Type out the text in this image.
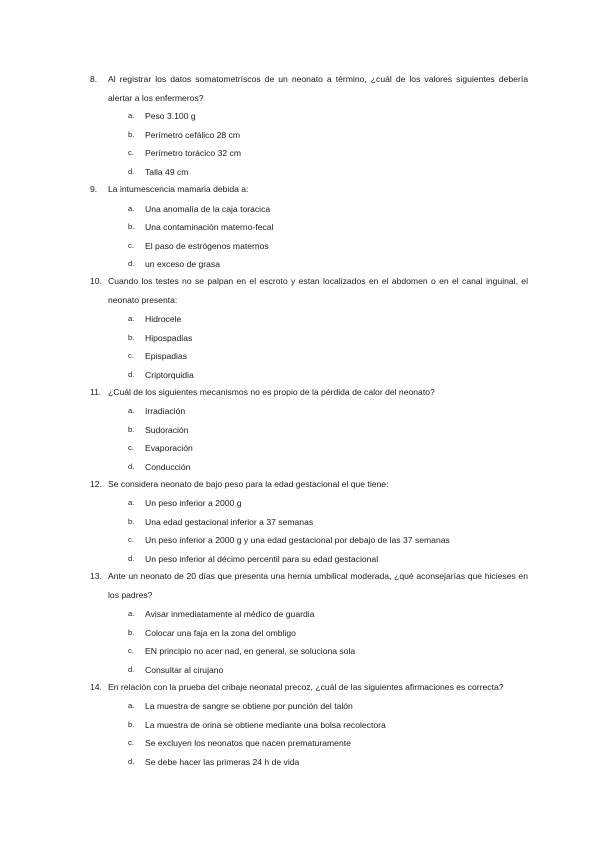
8.	Al registrar los datos somatometríscos de un neonato a término, ¿cuál de los valores siguientes debería alertar a los enfermeros?
a.	Peso 3.100 g
b.	Perímetro cefálico 28 cm
c.	Perímetro torácico 32 cm
d.	Talla 49 cm
9.	La intumescencia mamaria debida a:
a.	Una anomalía de la caja toracica
b.	Una contaminación materno-fecal
c.	El paso de estrógenos maternos
d.	un exceso de grasa
10. Cuando los testes no se palpan en el escroto y estan localizados en el abdomen o en el canal inguinal, el neonato presenta:
a.	Hidrocele
b.	Hipospadias
c.	Epispadias
d.	Criptorquidia
11. ¿Cuál de los siguientes mecanismos no es propio de la pérdida de calor del neonato?
a.	Irradiación
b.	Sudoración
c.	Evaporación
d.	Conducción
12. Se considera neonato de bajo peso para la edad gestacional el que tiene:
a.	Un peso inferior a 2000 g
b.	Una edad gestacional inferior a 37 semanas
c.	Un peso inferior a 2000 g y una edad gestacional por debajo de las 37 semanas
d.	Un peso inferior al décimo percentil para su edad gestacional
13. Ante un neonato de 20 días que presenta una hernia umbilical moderada, ¿qué aconsejarías que hicieses en los padres?
a.	Avisar inmediatamente al médico de guardia
b.	Colocar una faja en la zona del ombligo
c.	EN principio no acer nad, en general, se soluciona sola
d.	Consultar al cirujano
14. En relación con la prueba del cribaje neonatal precoz, ¿cuál de las siguientes afirmaciones es correcta?
a.	La muestra de sangre se obtiene por punción del talón
b.	La muestra de orina se obtiene mediante una bolsa recolectora
c.	Se excluyen los neonatos que nacen prematuramente
d.	Se debe hacer las primeras 24 h de vida
